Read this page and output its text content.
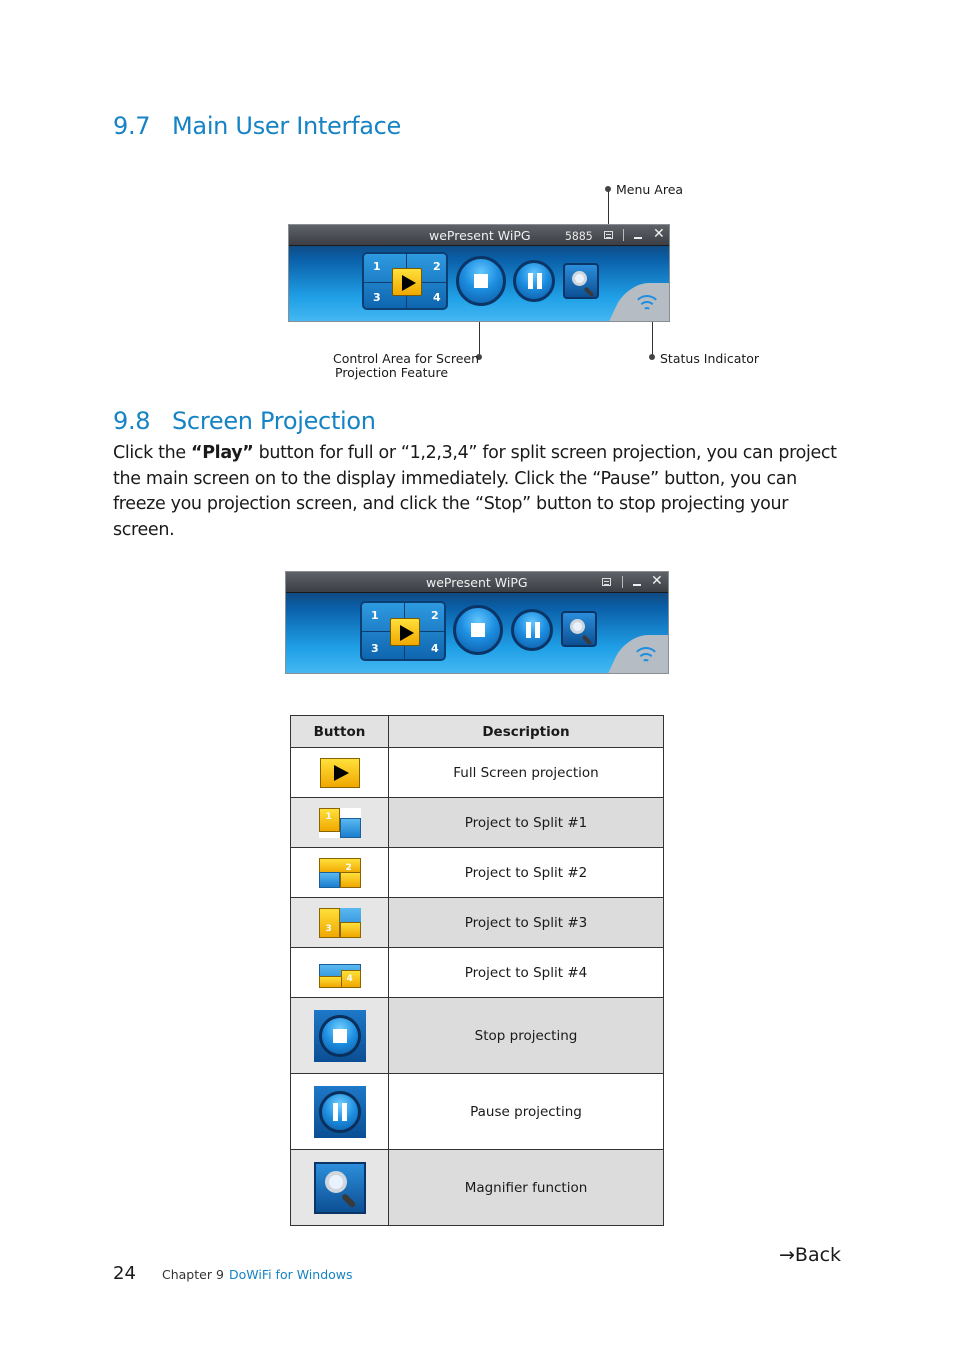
9.7 Main User Interface
Menu Area
Control Area for Screen
Projection Feature
Status Indicator
wePresent WiPG	5885	✕
1	2
3	4
9.8 Screen Projection

Click the “Play” button for full or “1,2,3,4” for split screen projection, you can project the main screen on to the display immediately. Click the “Pause” button, you can freeze you projection screen, and click the “Stop” button to stop projecting your screen.

wePresent WiPG	✕
1	2
3	4
Button	Description
	Full Screen projection

1	Project to Split #1

2	Project to Split #2

3	Project to Split #3

4	Project to Split #4

	Stop projecting

	Pause projecting

	Magnifier function
→Back
24 Chapter 9 DoWiFi for Windows
